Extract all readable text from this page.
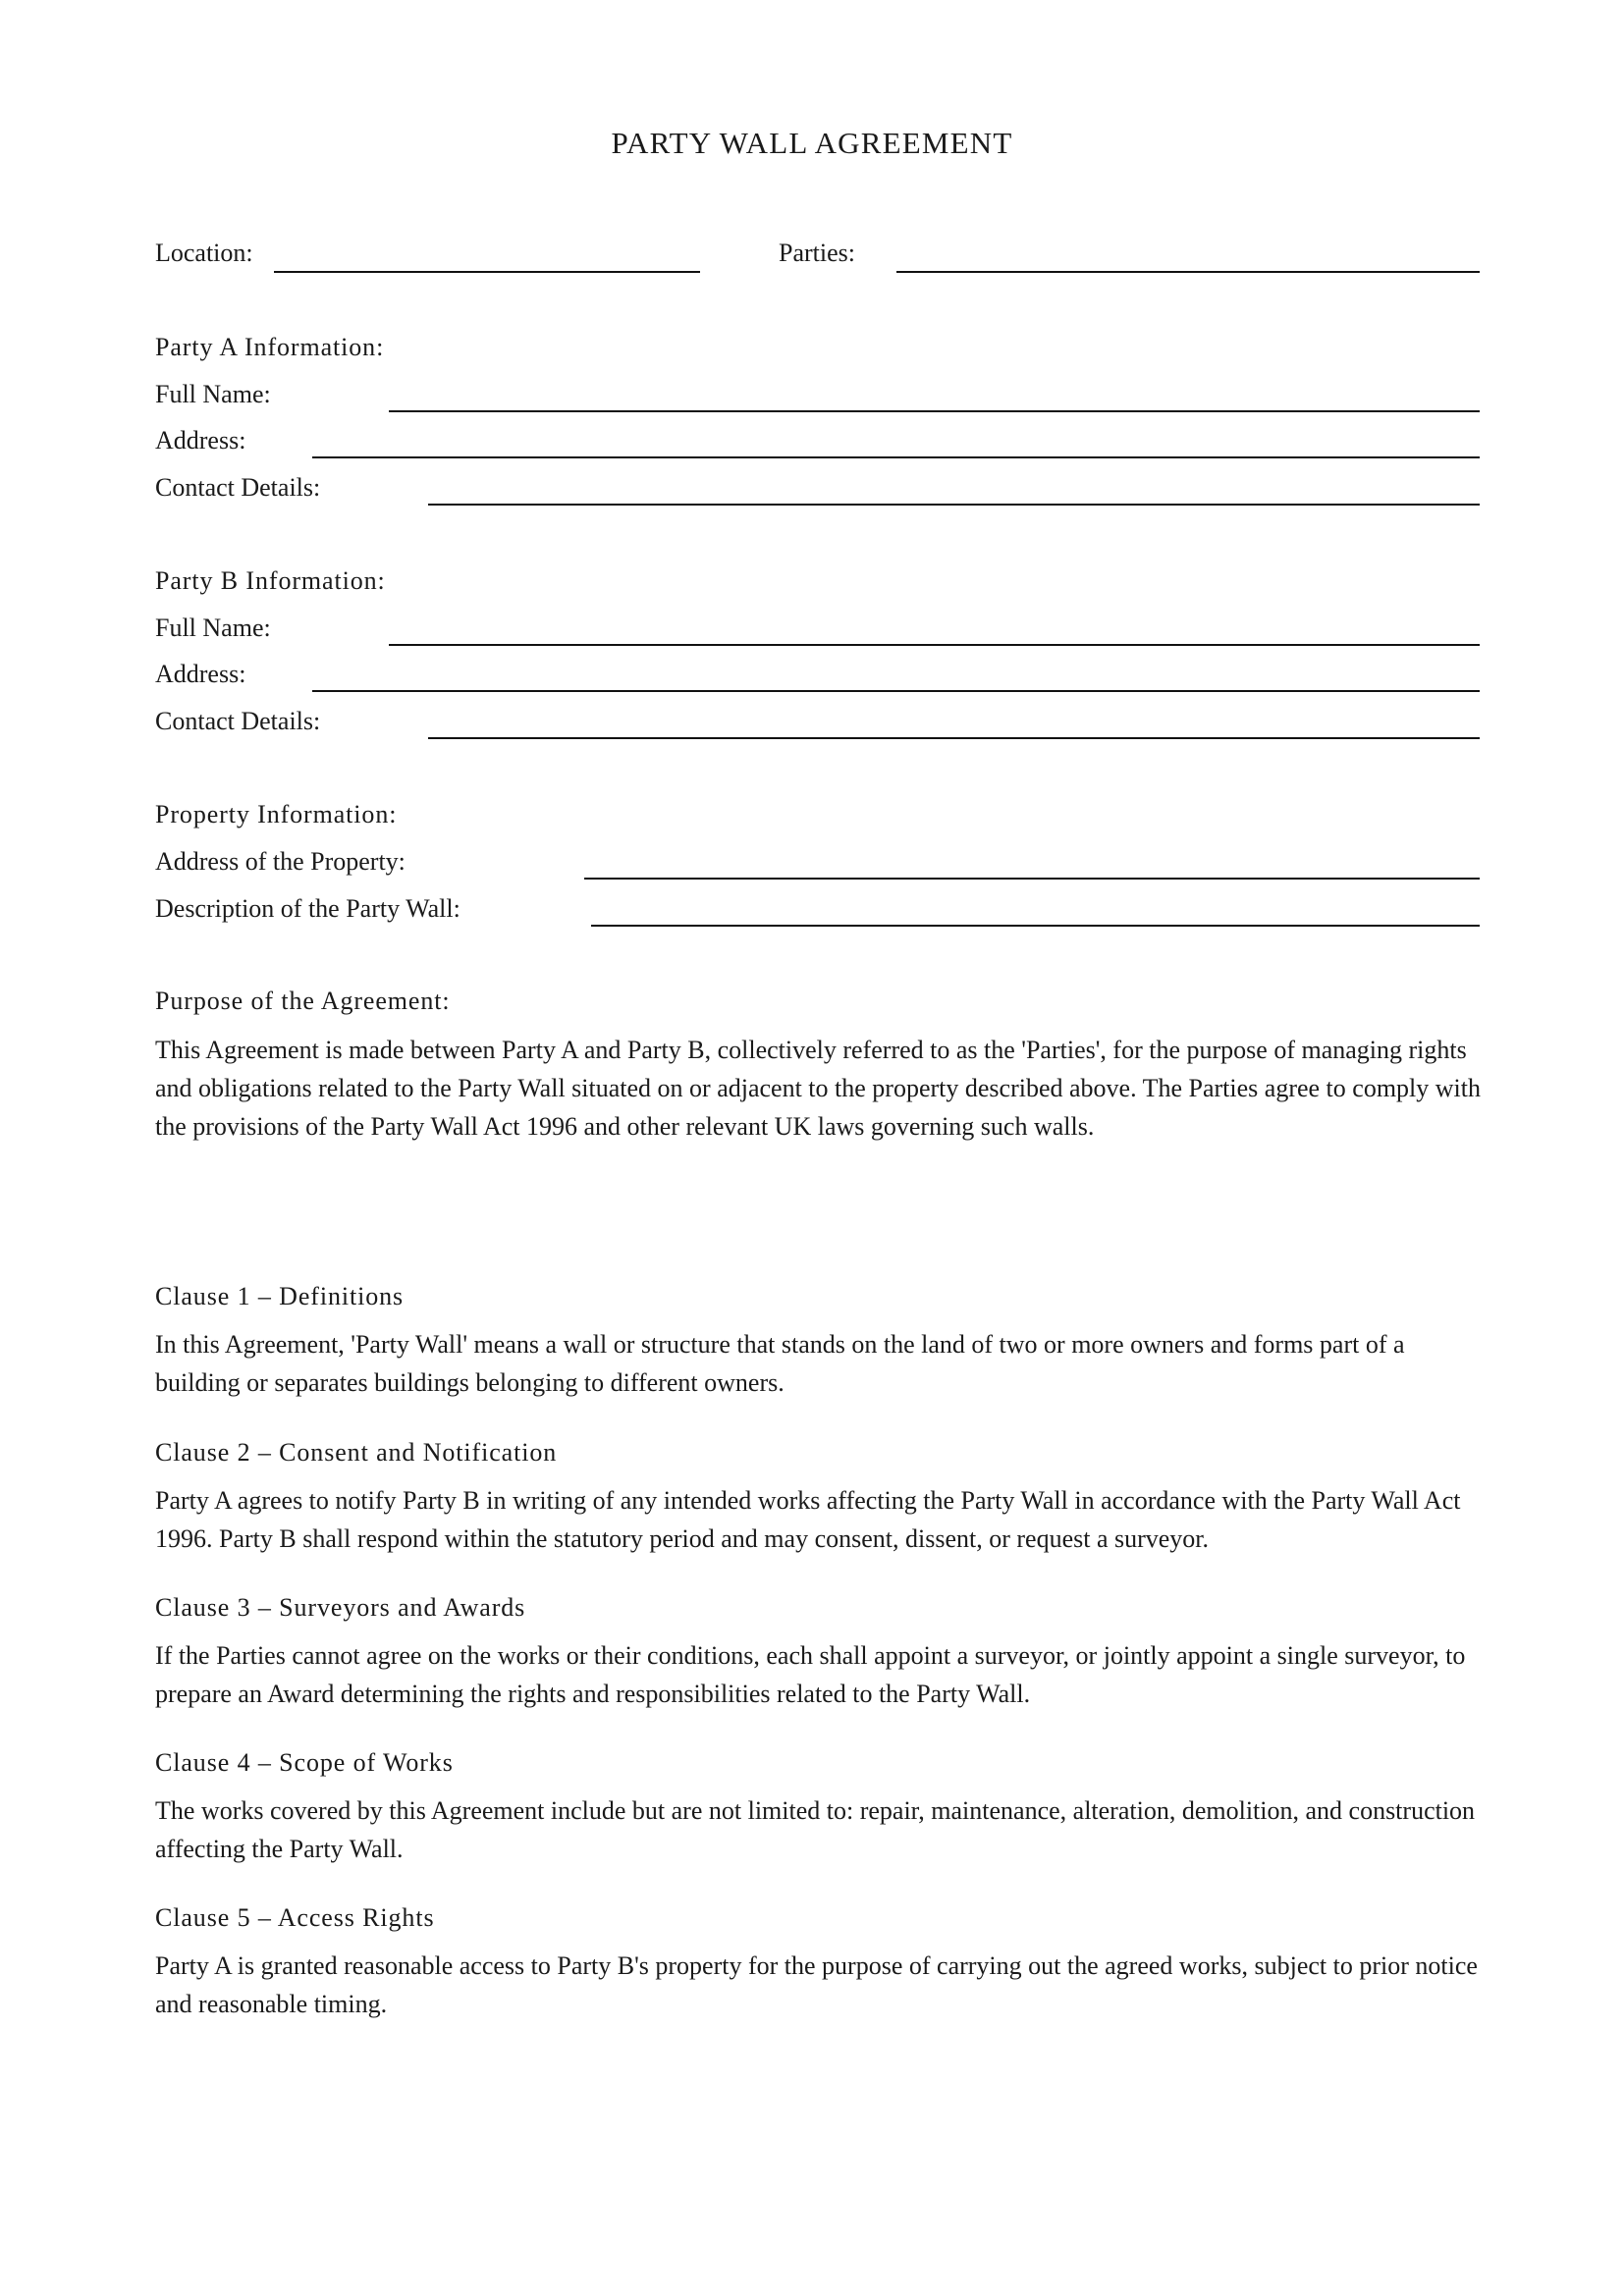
PARTY WALL AGREEMENT
Location:	Parties:
Party A Information:
Full Name:
Address:
Contact Details:
Party B Information:
Full Name:
Address:
Contact Details:
Property Information:
Address of the Property:
Description of the Party Wall:
Purpose of the Agreement:

This Agreement is made between Party A and Party B, collectively referred to as the 'Parties', for the purpose of managing rights and obligations related to the Party Wall situated on or adjacent to the property described above. The Parties agree to comply with the provisions of the Party Wall Act 1996 and other relevant UK laws governing such walls.

Clause 1 – Definitions

In this Agreement, 'Party Wall' means a wall or structure that stands on the land of two or more owners and forms part of a building or separates buildings belonging to different owners.

Clause 2 – Consent and Notification

Party A agrees to notify Party B in writing of any intended works affecting the Party Wall in accordance with the Party Wall Act 1996. Party B shall respond within the statutory period and may consent, dissent, or request a surveyor.

Clause 3 – Surveyors and Awards

If the Parties cannot agree on the works or their conditions, each shall appoint a surveyor, or jointly appoint a single surveyor, to prepare an Award determining the rights and responsibilities related to the Party Wall.

Clause 4 – Scope of Works

The works covered by this Agreement include but are not limited to: repair, maintenance, alteration, demolition, and construction affecting the Party Wall.

Clause 5 – Access Rights

Party A is granted reasonable access to Party B's property for the purpose of carrying out the agreed works, subject to prior notice and reasonable timing.
